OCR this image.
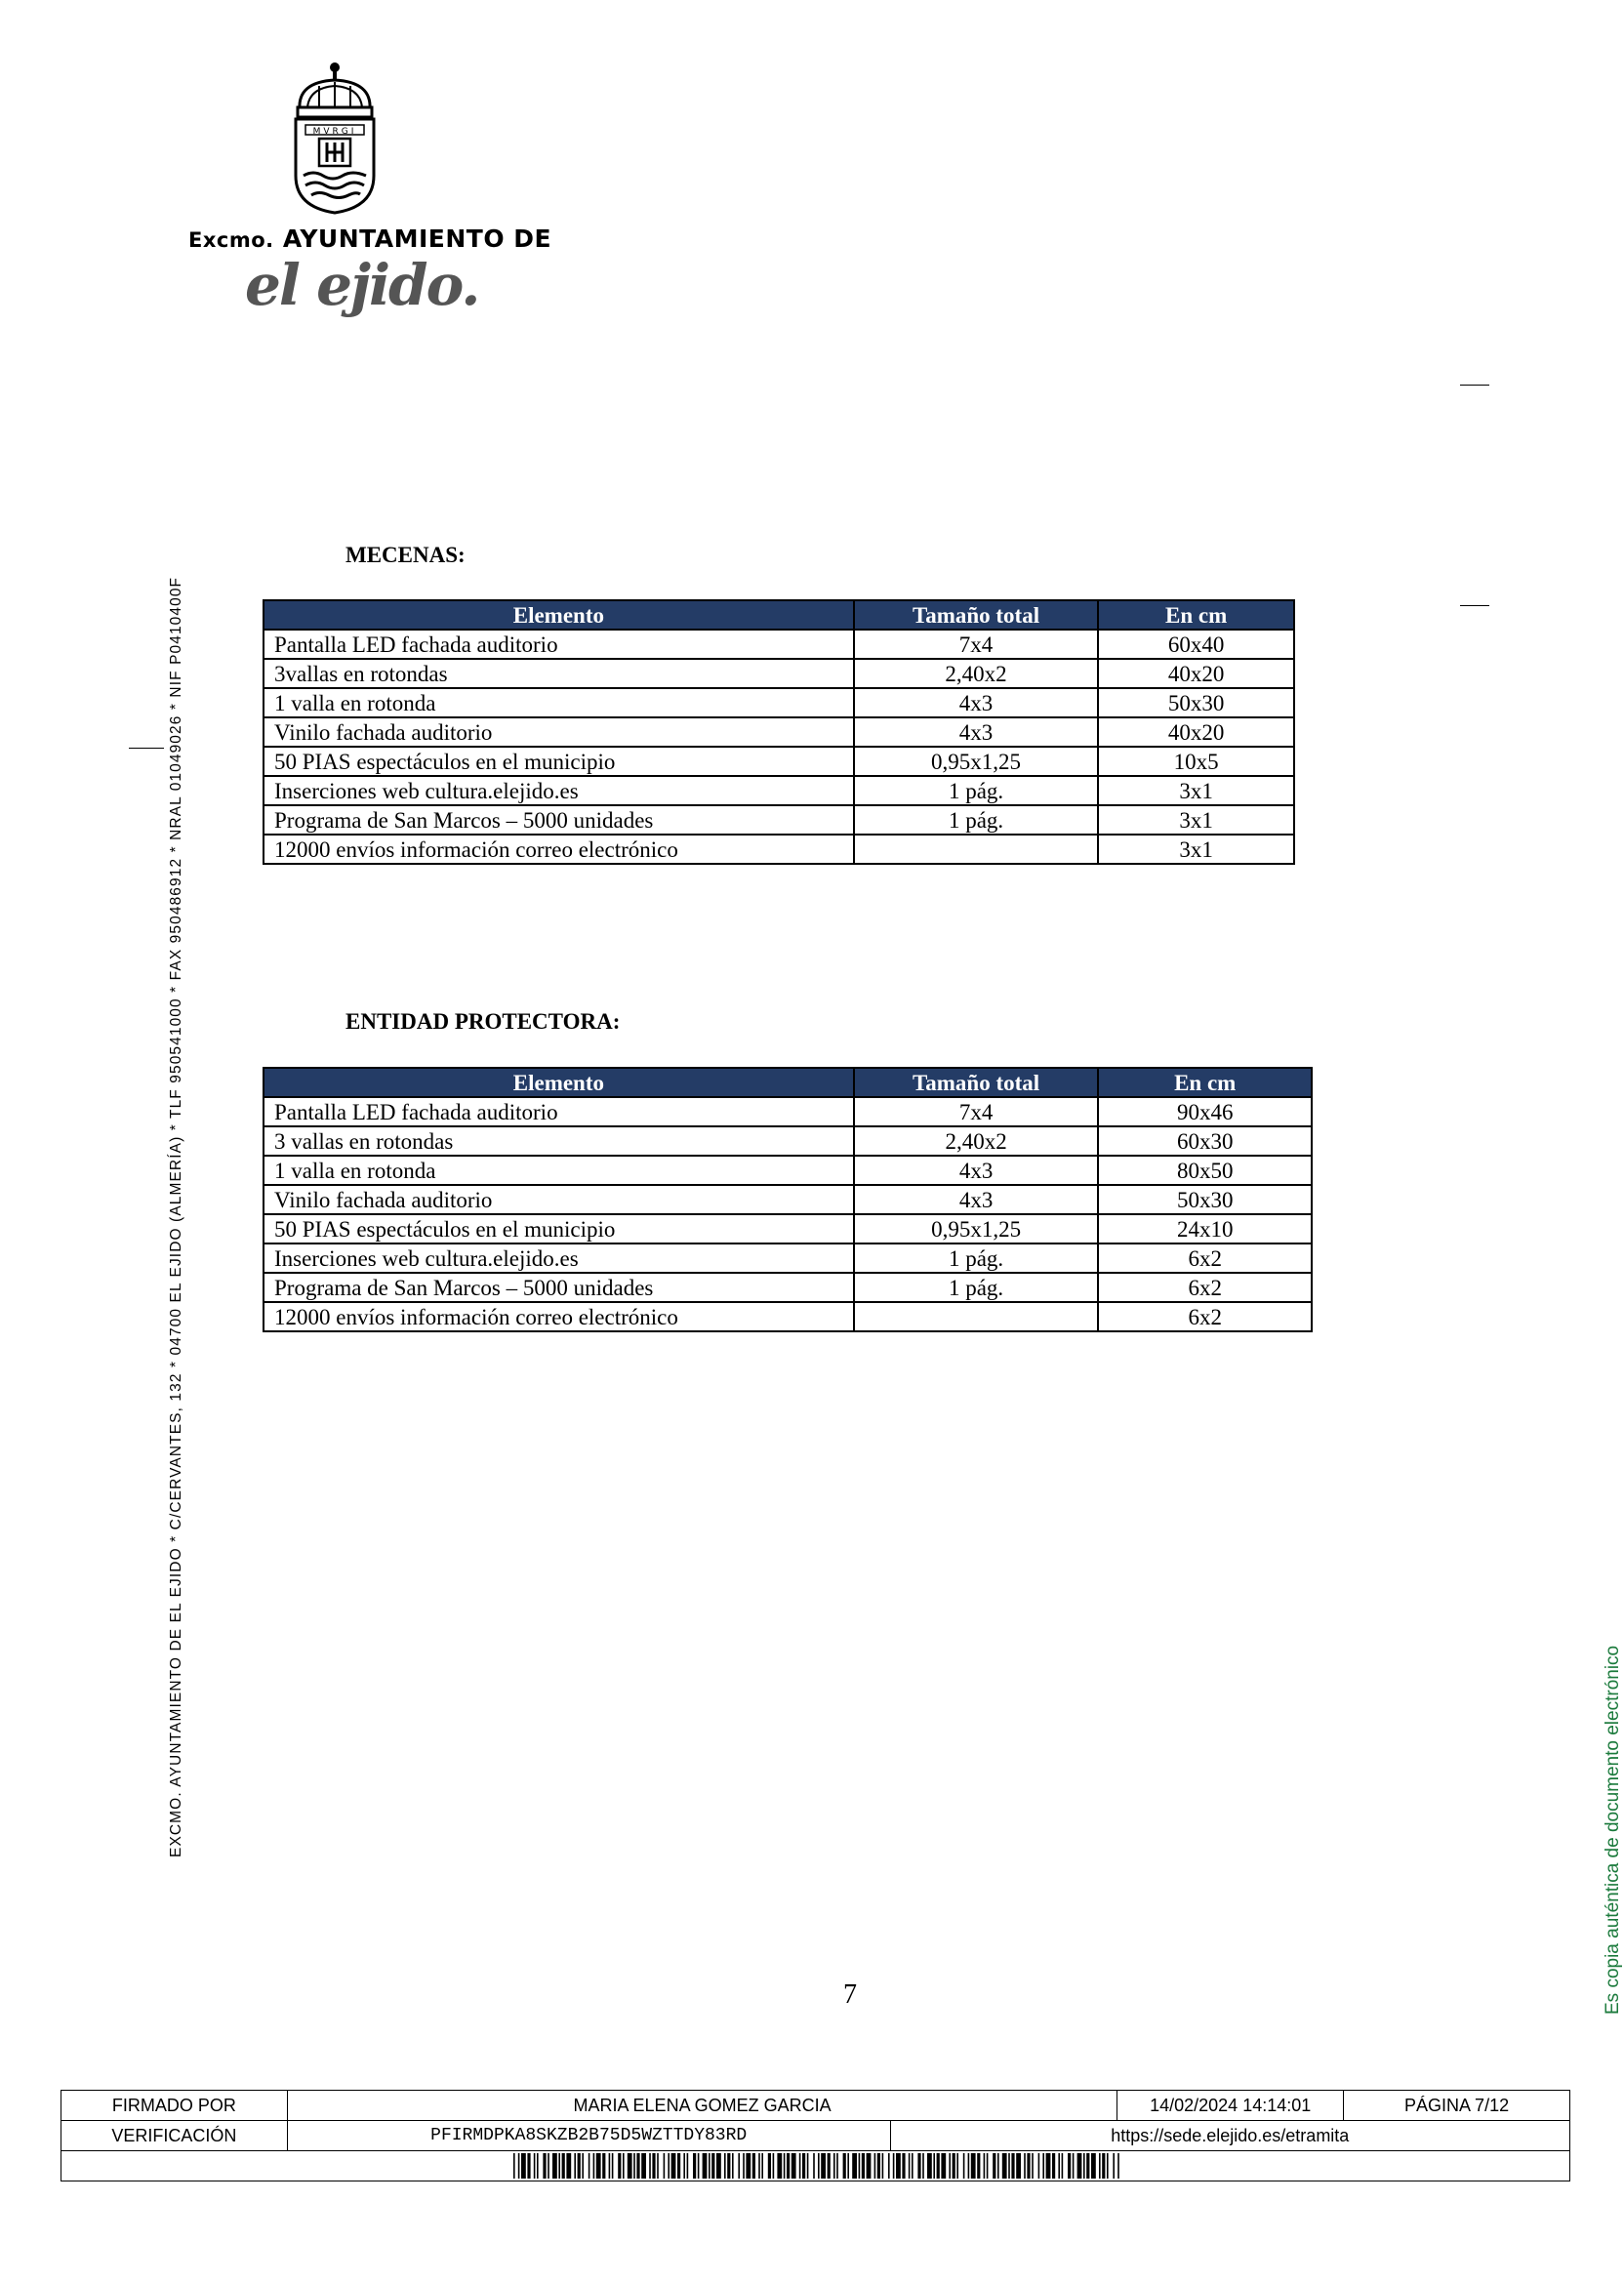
MVRGI
Excmo. AYUNTAMIENTO DE
el ejido.
EXCMO. AYUNTAMIENTO DE EL EJIDO * C/CERVANTES, 132 * 04700 EL EJIDO (ALMERÍA) * TLF 950541000 * FAX 950486912 * NRAL 01049026 * NIF P0410400F	Es copia auténtica de documento electrónico
MECENAS:
Elemento	Tamaño total	En cm
Pantalla LED fachada auditorio	7x4	60x40
3vallas en rotondas	2,40x2	40x20
1 valla en rotonda	4x3	50x30
Vinilo fachada auditorio	4x3	40x20
50 PIAS espectáculos en el municipio	0,95x1,25	10x5
Inserciones web cultura.elejido.es	1 pág.	3x1
Programa de San Marcos – 5000 unidades	1 pág.	3x1
12000 envíos información correo electrónico		3x1
ENTIDAD PROTECTORA:
Elemento	Tamaño total	En cm
Pantalla LED fachada auditorio	7x4	90x46
3 vallas en rotondas	2,40x2	60x30
1 valla en rotonda	4x3	80x50
Vinilo fachada auditorio	4x3	50x30
50 PIAS espectáculos en el municipio	0,95x1,25	24x10
Inserciones web cultura.elejido.es	1 pág.	6x2
Programa de San Marcos – 5000 unidades	1 pág.	6x2
12000 envíos información correo electrónico		6x2
7
FIRMADO POR	MARIA ELENA GOMEZ GARCIA		14/02/2024 14:14:01	PÁGINA 7/12
VERIFICACIÓN	PFIRMDPKA8SKZB2B75D5WZTTDY83RD	https://sede.elejido.es/etramita		
